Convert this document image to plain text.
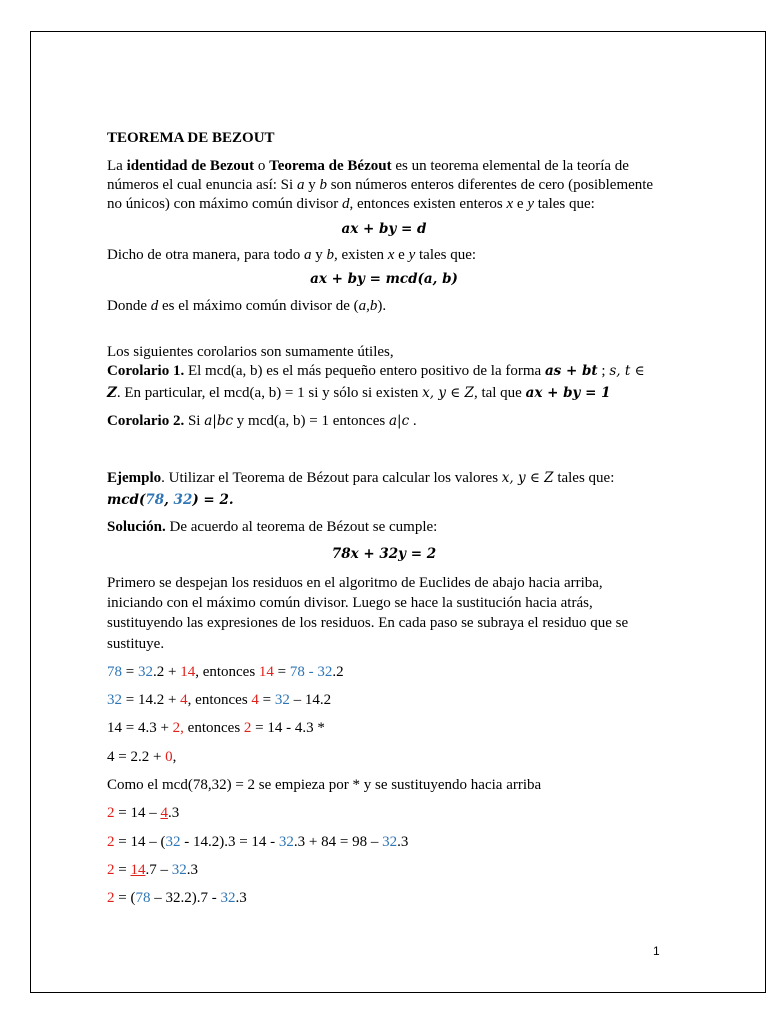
TEOREMA DE BEZOUT
La identidad de Bezout o Teorema de Bézout es un teorema elemental de la teoría de
números el cual enuncia así: Si a y b son números enteros diferentes de cero (posiblemente
no únicos) con máximo común divisor d, entonces existen enteros x e y tales que:
ax + by = d
Dicho de otra manera, para todo a y b, existen x e y tales que:
ax + by = mcd(a, b)
Donde d es el máximo común divisor de (a,b).
Los siguientes corolarios son sumamente útiles,
Corolario 1. El mcd(a, b) es el más pequeño entero positivo de la forma as + bt ; s, t ∈
Z. En particular, el mcd(a, b) = 1 si y sólo si existen x, y ∈ Z, tal que ax + by = 1
Corolario 2. Si a|bc y mcd(a, b) = 1 entonces a|c .
Ejemplo. Utilizar el Teorema de Bézout para calcular los valores x, y ∈ Z tales que:
mcd(78, 32) = 2.
Solución. De acuerdo al teorema de Bézout se cumple:
78x + 32y = 2
Primero se despejan los residuos en el algoritmo de Euclides de abajo hacia arriba,
iniciando con el máximo común divisor. Luego se hace la sustitución hacia atrás,
sustituyendo las expresiones de los residuos. En cada paso se subraya el residuo que se
sustituye.
78 = 32.2 + 14, entonces 14 = 78 - 32.2
32 = 14.2 + 4, entonces 4 = 32 – 14.2
14 = 4.3 + 2, entonces 2 = 14 - 4.3 *
4 = 2.2 + 0,
Como el mcd(78,32) = 2 se empieza por * y se sustituyendo hacia arriba
2 = 14 – 4.3
2 = 14 – (32 - 14.2).3 = 14 - 32.3 + 84 = 98 – 32.3
2 = 14.7 – 32.3
2 = (78 – 32.2).7 - 32.3
1
